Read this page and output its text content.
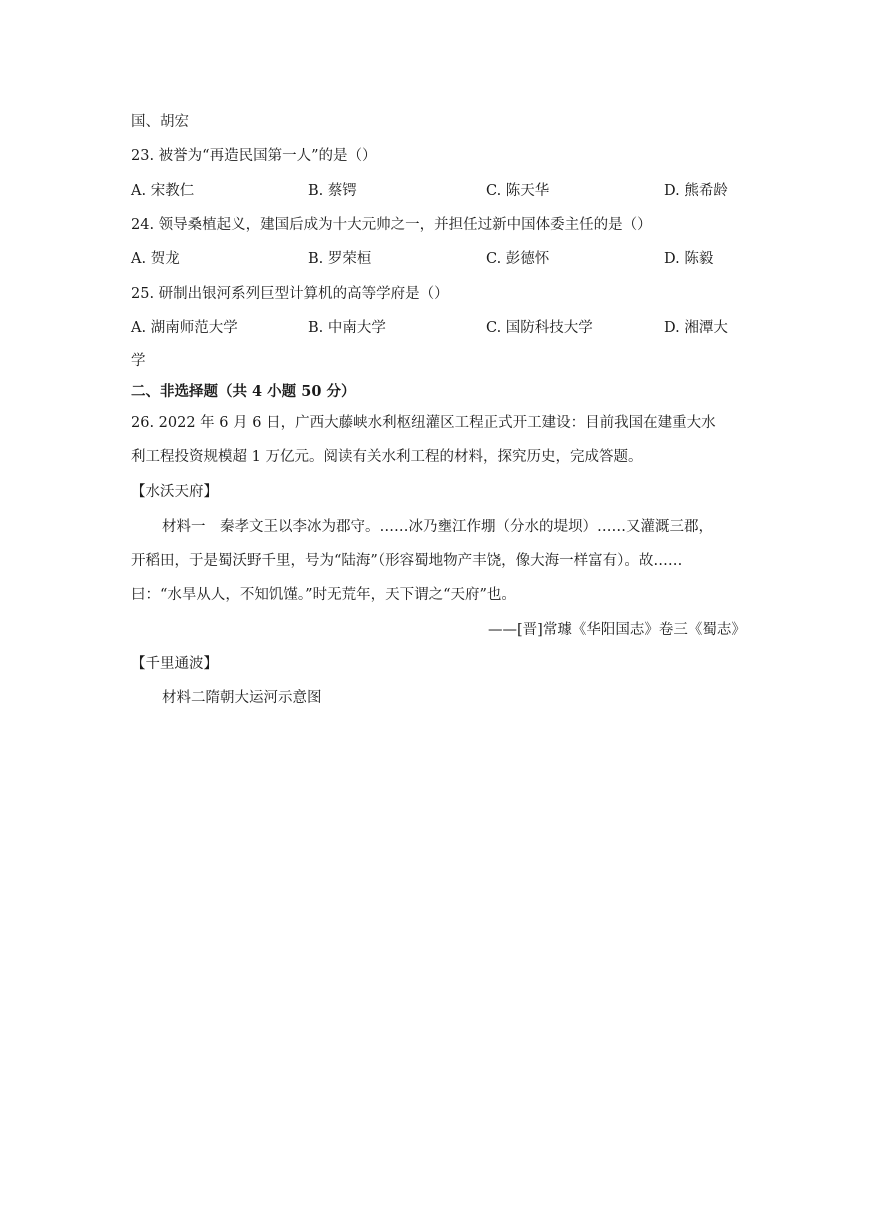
国、胡宏
23. 被誉为“再造民国第一人”的是（）
A. 宋教仁	B. 蔡锷	C. 陈天华	D. 熊希龄
24. 领导桑植起义，建国后成为十大元帅之一，并担任过新中国体委主任的是（）
A. 贺龙	B. 罗荣桓	C. 彭德怀	D. 陈毅
25. 研制出银河系列巨型计算机的高等学府是（）
A. 湖南师范大学	B. 中南大学	C. 国防科技大学	D. 湘潭大
学
二、非选择题（共 4 小题 50 分）
26. 2022 年 6 月 6 日，广西大藤峡水利枢纽灌区工程正式开工建设：目前我国在建重大水
利工程投资规模超 1 万亿元。阅读有关水利工程的材料，探究历史，完成答题。
【水沃天府】
材料一　秦孝文王以李冰为郡守。……冰乃壅江作堋（分水的堤坝）……又灌溉三郡，
开稻田，于是蜀沃野千里，号为“陆海”（形容蜀地物产丰饶，像大海一样富有）。故……
曰：“水旱从人，不知饥馑。”时无荒年，天下谓之“天府”也。
——[晋]常璩《华阳国志》卷三《蜀志》
【千里通波】
材料二隋朝大运河示意图
